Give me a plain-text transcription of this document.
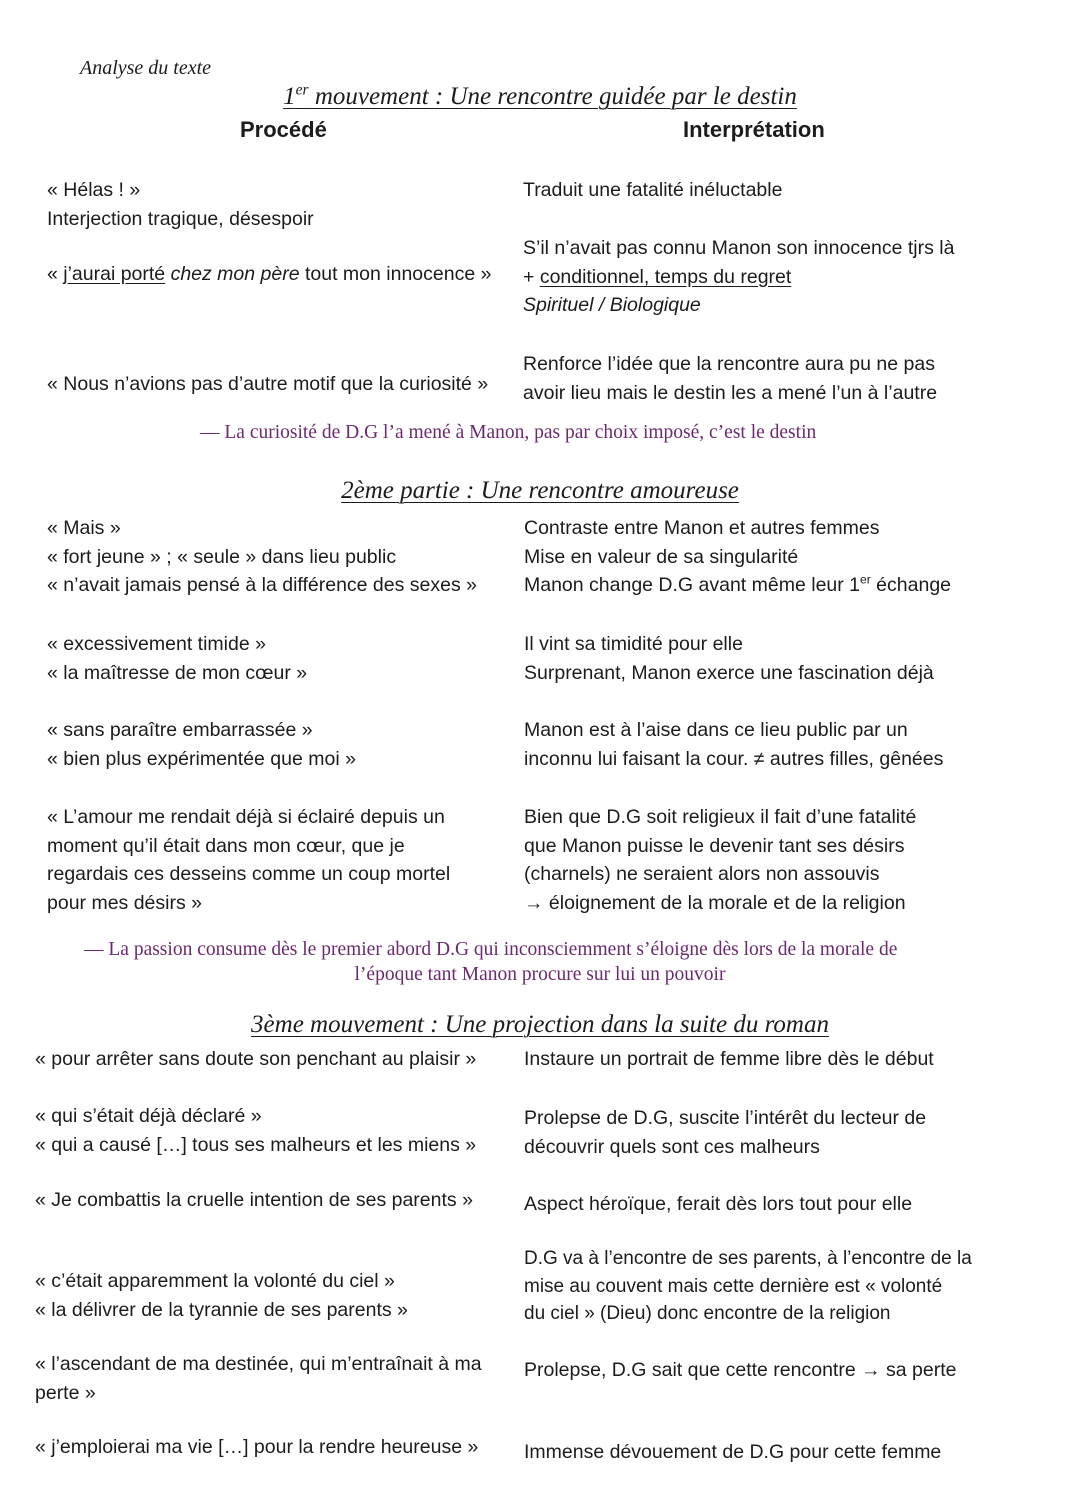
Analyse du texte
1er mouvement : Une rencontre guidée par le destin
Procédé	Interprétation
« Hélas ! »
Interjection tragique, désespoir
Traduit une fatalité inéluctable
« j’aurai porté chez mon père tout mon innocence »
S’il n’avait pas connu Manon son innocence tjrs là
+ conditionnel, temps du regret
Spirituel / Biologique
« Nous n’avions pas d’autre motif que la curiosité »
Renforce l’idée que la rencontre aura pu ne pas
avoir lieu mais le destin les a mené l’un à l’autre
— La curiosité de D.G l’a mené à Manon, pas par choix imposé, c’est le destin
2ème partie : Une rencontre amoureuse
« Mais »
« fort jeune » ; « seule » dans lieu public
« n’avait jamais pensé à la différence des sexes »
Contraste entre Manon et autres femmes
Mise en valeur de sa singularité
Manon change D.G avant même leur 1er échange
« excessivement timide »
« la maîtresse de mon cœur »
Il vint sa timidité pour elle
Surprenant, Manon exerce une fascination déjà
« sans paraître embarrassée »
« bien plus expérimentée que moi »
Manon est à l’aise dans ce lieu public par un
inconnu lui faisant la cour. ≠ autres filles, gênées
« L’amour me rendait déjà si éclairé depuis un
moment qu’il était dans mon cœur, que je
regardais ces desseins comme un coup mortel
pour mes désirs »
Bien que D.G soit religieux il fait d’une fatalité
que Manon puisse le devenir tant ses désirs
(charnels) ne seraient alors non assouvis
→ éloignement de la morale et de la religion
— La passion consume dès le premier abord D.G qui inconsciemment s’éloigne dès lors de la morale de
l’époque tant Manon procure sur lui un pouvoir
3ème mouvement : Une projection dans la suite du roman
« pour arrêter sans doute son penchant au plaisir » Instaure un portrait de femme libre dès le début
« qui s’était déjà déclaré »
« qui a causé […] tous ses malheurs et les miens »
Prolepse de D.G, suscite l’intérêt du lecteur de
découvrir quels sont ces malheurs
« Je combattis la cruelle intention de ses parents »	Aspect héroïque, ferait dès lors tout pour elle
« c’était apparemment la volonté du ciel »
« la délivrer de la tyrannie de ses parents »
D.G va à l’encontre de ses parents, à l’encontre de la
mise au couvent mais cette dernière est « volonté
du ciel » (Dieu) donc encontre de la religion
« l’ascendant de ma destinée, qui m’entraînait à ma
perte »
Prolepse, D.G sait que cette rencontre → sa perte
« j’emploierai ma vie […] pour la rendre heureuse » Immense dévouement de D.G pour cette femme
